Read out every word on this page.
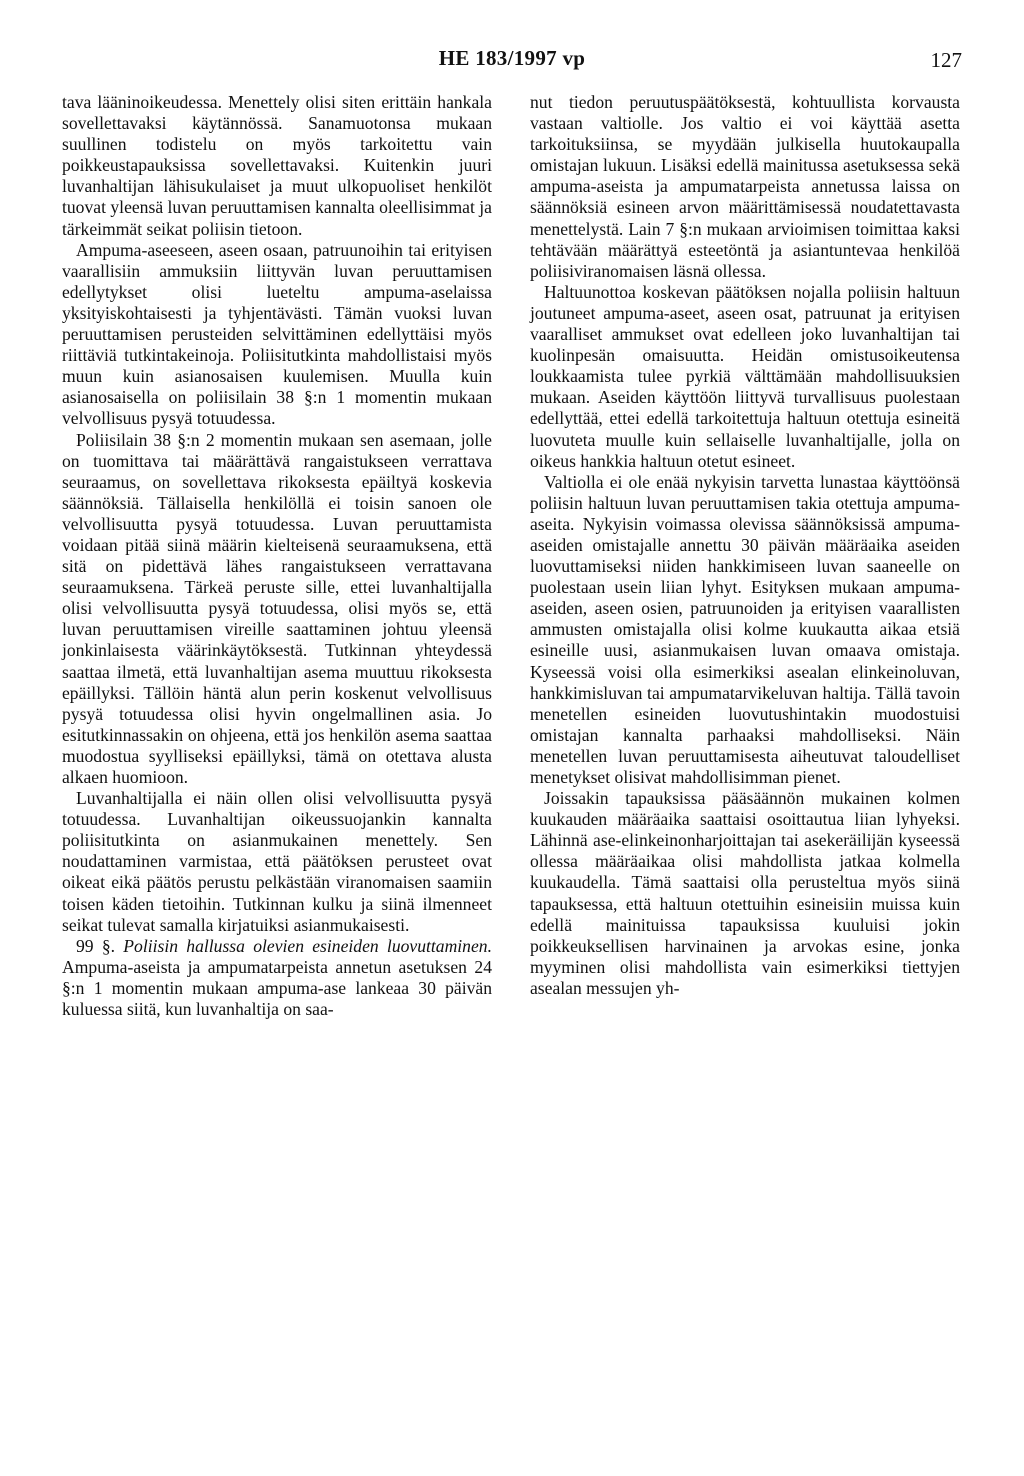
HE 183/1997 vp	127

tava lääninoikeudessa. Menettely olisi siten erittäin hankala sovellettavaksi käytännössä. Sanamuotonsa mukaan suullinen todistelu on myös tarkoitettu vain poikkeustapauksissa sovellettavaksi. Kuitenkin juuri luvanhaltijan lähisukulaiset ja muut ulkopuoliset henkilöt tuovat yleensä luvan peruuttamisen kannalta oleellisimmat ja tärkeimmät seikat poliisin tietoon.

Ampuma-aseeseen, aseen osaan, patruunoihin tai erityisen vaarallisiin ammuksiin liittyvän luvan peruuttamisen edellytykset olisi lueteltu ampuma-aselaissa yksityiskohtaisesti ja tyhjentävästi. Tämän vuoksi luvan peruuttamisen perusteiden selvittäminen edellyttäisi myös riittäviä tutkintakeinoja. Poliisitutkinta mahdollistaisi myös muun kuin asianosaisen kuulemisen. Muulla kuin asianosaisella on poliisilain 38 §:n 1 momentin mukaan velvollisuus pysyä totuudessa.

Poliisilain 38 §:n 2 momentin mukaan sen asemaan, jolle on tuomittava tai määrättävä rangaistukseen verrattava seuraamus, on sovellettava rikoksesta epäiltyä koskevia säännöksiä. Tällaisella henkilöllä ei toisin sanoen ole velvollisuutta pysyä totuudessa. Luvan peruuttamista voidaan pitää siinä määrin kielteisenä seuraamuksena, että sitä on pidettävä lähes rangaistukseen verrattavana seuraamuksena. Tärkeä peruste sille, ettei luvanhaltijalla olisi velvollisuutta pysyä totuudessa, olisi myös se, että luvan peruuttamisen vireille saattaminen johtuu yleensä jonkinlaisesta väärinkäytöksestä. Tutkinnan yhteydessä saattaa ilmetä, että luvanhaltijan asema muuttuu rikoksesta epäillyksi. Tällöin häntä alun perin koskenut velvollisuus pysyä totuudessa olisi hyvin ongelmallinen asia. Jo esitutkinnassakin on ohjeena, että jos henkilön asema saattaa muodostua syylliseksi epäillyksi, tämä on otettava alusta alkaen huomioon.

Luvanhaltijalla ei näin ollen olisi velvollisuutta pysyä totuudessa. Luvanhaltijan oikeussuojankin kannalta poliisitutkinta on asianmukainen menettely. Sen noudattaminen varmistaa, että päätöksen perusteet ovat oikeat eikä päätös perustu pelkästään viranomaisen saamiin toisen käden tietoihin. Tutkinnan kulku ja siinä ilmenneet seikat tulevat samalla kirjatuiksi asianmukaisesti.

99 §. Poliisin hallussa olevien esineiden luovuttaminen. Ampuma-aseista ja ampumatarpeista annetun asetuksen 24 §:n 1 momentin mukaan ampuma-ase lankeaa 30 päivän kuluessa siitä, kun luvanhaltija on saa-

nut tiedon peruutuspäätöksestä, kohtuullista korvausta vastaan valtiolle. Jos valtio ei voi käyttää asetta tarkoituksiinsa, se myydään julkisella huutokaupalla omistajan lukuun. Lisäksi edellä mainitussa asetuksessa sekä ampuma-aseista ja ampumatarpeista annetussa laissa on säännöksiä esineen arvon määrittämisessä noudatettavasta menettelystä. Lain 7 §:n mukaan arvioimisen toimittaa kaksi tehtävään määrättyä esteetöntä ja asiantuntevaa henkilöä poliisiviranomaisen läsnä ollessa.

Haltuunottoa koskevan päätöksen nojalla poliisin haltuun joutuneet ampuma-aseet, aseen osat, patruunat ja erityisen vaaralliset ammukset ovat edelleen joko luvanhaltijan tai kuolinpesän omaisuutta. Heidän omistusoikeutensa loukkaamista tulee pyrkiä välttämään mahdollisuuksien mukaan. Aseiden käyttöön liittyvä turvallisuus puolestaan edellyttää, ettei edellä tarkoitettuja haltuun otettuja esineitä luovuteta muulle kuin sellaiselle luvanhaltijalle, jolla on oikeus hankkia haltuun otetut esineet.

Valtiolla ei ole enää nykyisin tarvetta lunastaa käyttöönsä poliisin haltuun luvan peruuttamisen takia otettuja ampuma-aseita. Nykyisin voimassa olevissa säännöksissä ampuma-aseiden omistajalle annettu 30 päivän määräaika aseiden luovuttamiseksi niiden hankkimiseen luvan saaneelle on puolestaan usein liian lyhyt. Esityksen mukaan ampuma-aseiden, aseen osien, patruunoiden ja erityisen vaarallisten ammusten omistajalla olisi kolme kuukautta aikaa etsiä esineille uusi, asianmukaisen luvan omaava omistaja. Kyseessä voisi olla esimerkiksi asealan elinkeinoluvan, hankkimisluvan tai ampumatarvikeluvan haltija. Tällä tavoin menetellen esineiden luovutushintakin muodostuisi omistajan kannalta parhaaksi mahdolliseksi. Näin menetellen luvan peruuttamisesta aiheutuvat taloudelliset menetykset olisivat mahdollisimman pienet.

Joissakin tapauksissa pääsäännön mukainen kolmen kuukauden määräaika saattaisi osoittautua liian lyhyeksi. Lähinnä ase-elinkeinonharjoittajan tai asekeräilijän kyseessä ollessa määräaikaa olisi mahdollista jatkaa kolmella kuukaudella. Tämä saattaisi olla perusteltua myös siinä tapauksessa, että haltuun otettuihin esineisiin muissa kuin edellä mainituissa tapauksissa kuuluisi jokin poikkeuksellisen harvinainen ja arvokas esine, jonka myyminen olisi mahdollista vain esimerkiksi tiettyjen asealan messujen yh-
